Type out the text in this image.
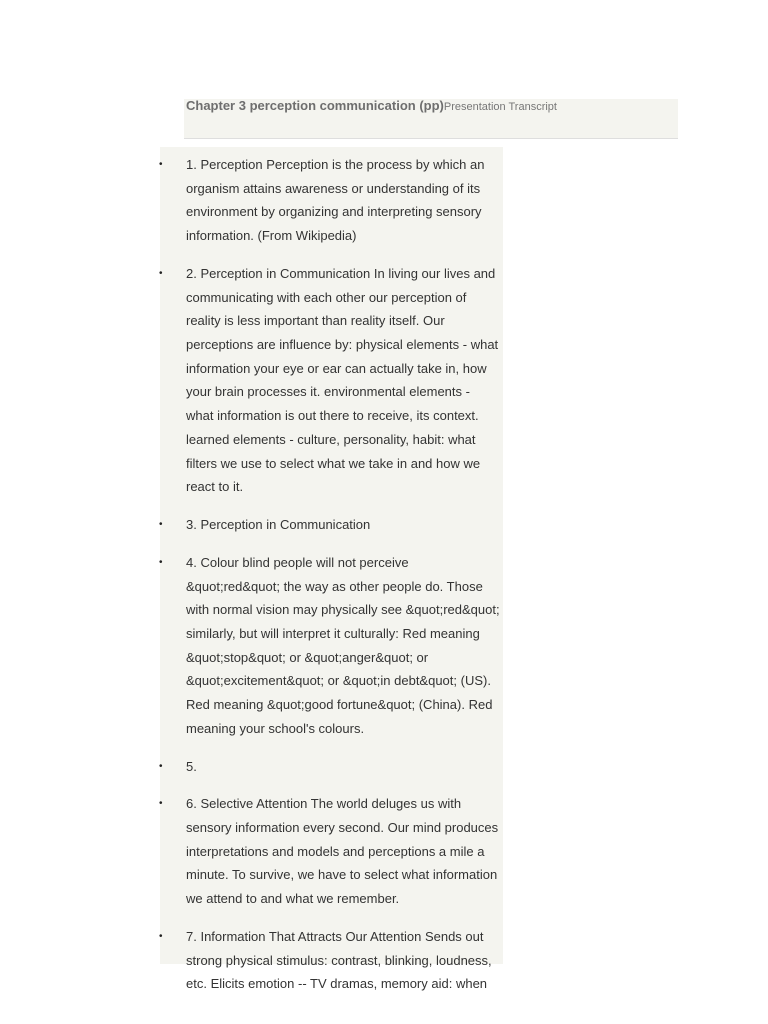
Chapter 3 perception communication (pp)Presentation Transcript
• 1. Perception Perception is the process by which an organism attains awareness or understanding of its environment by organizing and interpreting sensory information. (From Wikipedia)
• 2. Perception in Communication In living our lives and communicating with each other our perception of reality is less important than reality itself. Our perceptions are influence by: physical elements - what information your eye or ear can actually take in, how your brain processes it. environmental elements - what information is out there to receive, its context. learned elements - culture, personality, habit: what filters we use to select what we take in and how we react to it.
• 3. Perception in Communication
• 4. Colour blind people will not perceive &quot;red&quot; the way as other people do. Those with normal vision may physically see &quot;red&quot; similarly, but will interpret it culturally: Red meaning &quot;stop&quot; or &quot;anger&quot; or &quot;excitement&quot; or &quot;in debt&quot; (US). Red meaning &quot;good fortune&quot; (China). Red meaning your school's colours.
• 5.
• 6. Selective Attention The world deluges us with sensory information every second. Our mind produces interpretations and models and perceptions a mile a minute. To survive, we have to select what information we attend to and what we remember.
• 7. Information That Attracts Our Attention Sends out strong physical stimulus: contrast, blinking, loudness, etc. Elicits emotion -- TV dramas, memory aid: when
